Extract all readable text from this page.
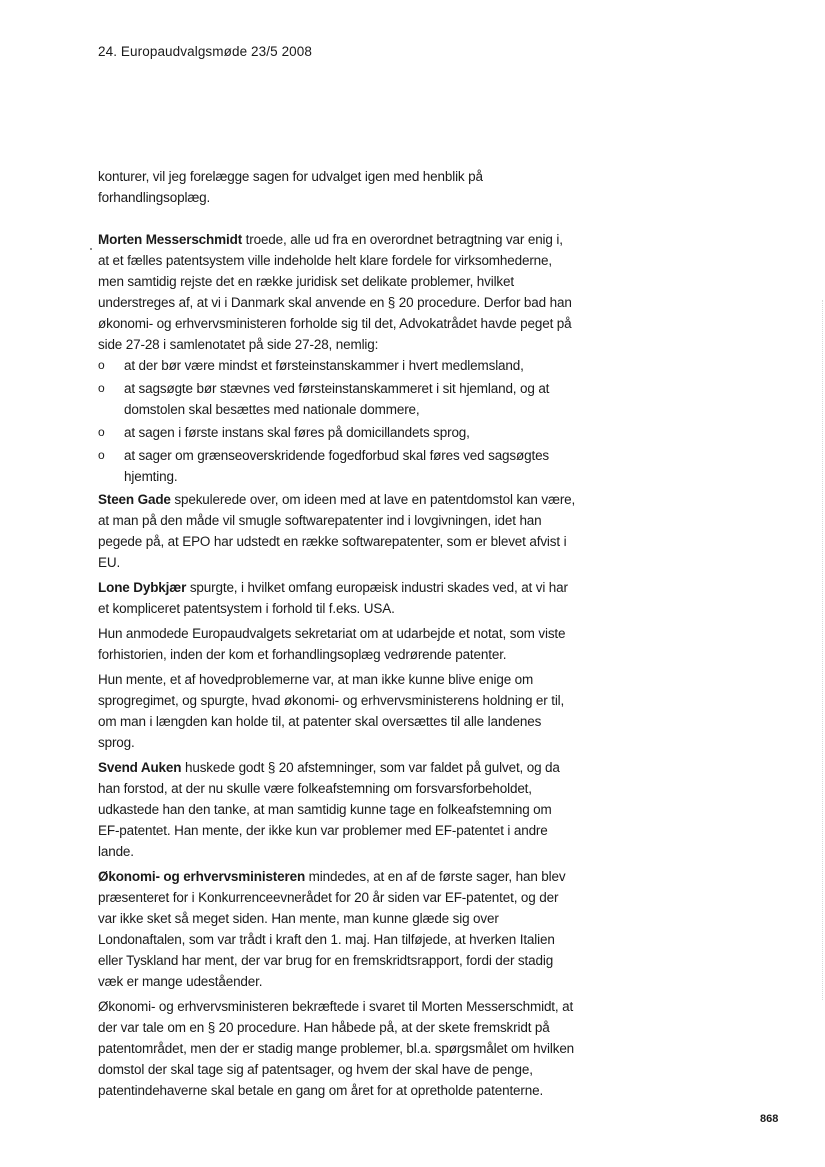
24. Europaudvalgsmøde 23/5 2008

konturer, vil jeg forelægge sagen for udvalget igen med henblik på forhandlingsoplæg.

Morten Messerschmidt troede, alle ud fra en overordnet betragtning var enig i, at et fælles patentsystem ville indeholde helt klare fordele for virksomhederne, men samtidig rejste det en række juridisk set delikate problemer, hvilket understreges af, at vi i Danmark skal anvende en § 20 procedure. Derfor bad han økonomi- og erhvervsministeren forholde sig til det, Advokatrådet havde peget på side 27-28 i samlenotatet på side 27-28, nemlig:

o at der bør være mindst et førsteinstanskammer i hvert medlemsland,
o at sagsøgte bør stævnes ved førsteinstanskammeret i sit hjemland, og at domstolen skal besættes med nationale dommere,
o at sagen i første instans skal føres på domicillandets sprog,
o at sager om grænseoverskridende fogedforbud skal føres ved sagsøgtes hjemting.

Steen Gade spekulerede over, om ideen med at lave en patentdomstol kan være, at man på den måde vil smugle softwarepatenter ind i lovgivningen, idet han pegede på, at EPO har udstedt en række softwarepatenter, som er blevet afvist i EU.

Lone Dybkjær spurgte, i hvilket omfang europæisk industri skades ved, at vi har et kompliceret patentsystem i forhold til f.eks. USA.

Hun anmodede Europaudvalgets sekretariat om at udarbejde et notat, som viste forhistorien, inden der kom et forhandlingsoplæg vedrørende patenter.

Hun mente, et af hovedproblemerne var, at man ikke kunne blive enige om sprogregimet, og spurgte, hvad økonomi- og erhvervsministerens holdning er til, om man i længden kan holde til, at patenter skal oversættes til alle landenes sprog.

Svend Auken huskede godt § 20 afstemninger, som var faldet på gulvet, og da han forstod, at der nu skulle være folkeafstemning om forsvarsforbeholdet, udkastede han den tanke, at man samtidig kunne tage en folkeafstemning om EF-patentet. Han mente, der ikke kun var problemer med EF-patentet i andre lande.

Økonomi- og erhvervsministeren mindedes, at en af de første sager, han blev præsenteret for i Konkurrenceevnerådet for 20 år siden var EF-patentet, og der var ikke sket så meget siden. Han mente, man kunne glæde sig over Londonaftalen, som var trådt i kraft den 1. maj. Han tilføjede, at hverken Italien eller Tyskland har ment, der var brug for en fremskridtsrapport, fordi der stadig væk er mange udeståender.

Økonomi- og erhvervsministeren bekræftede i svaret til Morten Messerschmidt, at der var tale om en § 20 procedure. Han håbede på, at der skete fremskridt på patentområdet, men der er stadig mange problemer, bl.a. spørgsmålet om hvilken domstol der skal tage sig af patentsager, og hvem der skal have de penge, patentindehaverne skal betale en gang om året for at opretholde patenterne.

868
